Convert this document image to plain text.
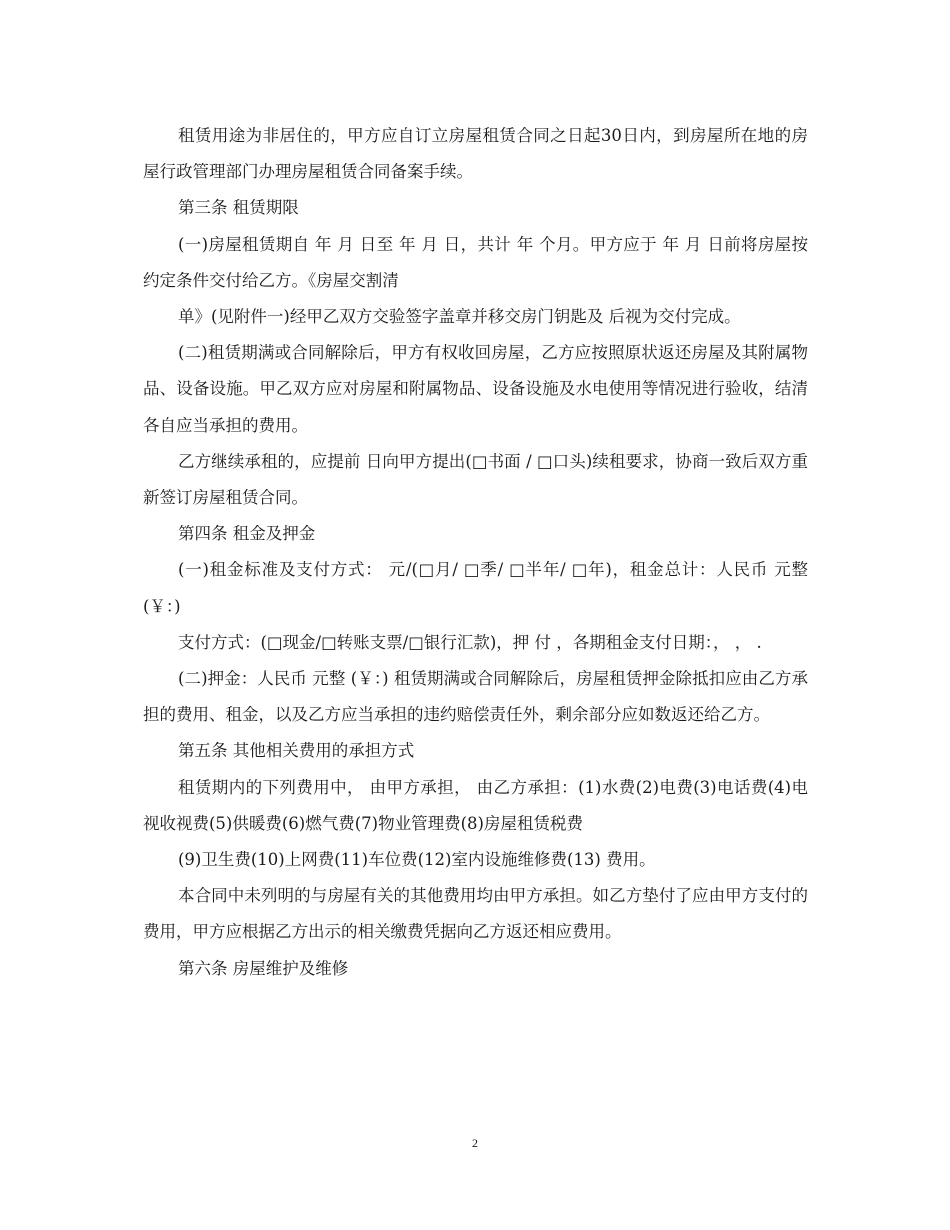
租赁用途为非居住的，甲方应自订立房屋租赁合同之日起30日内，到房屋所在地的房屋行政管理部门办理房屋租赁合同备案手续。

第三条 租赁期限

(一)房屋租赁期自 年 月 日至 年 月 日，共计 年 个月。甲方应于 年 月 日前将房屋按约定条件交付给乙方。《房屋交割清

单》(见附件一)经甲乙双方交验签字盖章并移交房门钥匙及 后视为交付完成。

(二)租赁期满或合同解除后，甲方有权收回房屋，乙方应按照原状返还房屋及其附属物品、设备设施。甲乙双方应对房屋和附属物品、设备设施及水电使用等情况进行验收，结清各自应当承担的费用。

乙方继续承租的，应提前 日向甲方提出(□书面 / □口头)续租要求，协商一致后双方重新签订房屋租赁合同。

第四条 租金及押金

(一)租金标准及支付方式： 元/(□月/ □季/ □半年/ □年)，租金总计：人民币 元整(￥：)

支付方式：(□现金/□转账支票/□银行汇款)，押 付 ，各期租金支付日期：， ， .

(二)押金：人民币 元整 (￥：) 租赁期满或合同解除后，房屋租赁押金除抵扣应由乙方承担的费用、租金，以及乙方应当承担的违约赔偿责任外，剩余部分应如数返还给乙方。

第五条 其他相关费用的承担方式

租赁期内的下列费用中， 由甲方承担， 由乙方承担：(1)水费(2)电费(3)电话费(4)电视收视费(5)供暖费(6)燃气费(7)物业管理费(8)房屋租赁税费

(9)卫生费(10)上网费(11)车位费(12)室内设施维修费(13) 费用。

本合同中未列明的与房屋有关的其他费用均由甲方承担。如乙方垫付了应由甲方支付的费用，甲方应根据乙方出示的相关缴费凭据向乙方返还相应费用。

第六条 房屋维护及维修

2
